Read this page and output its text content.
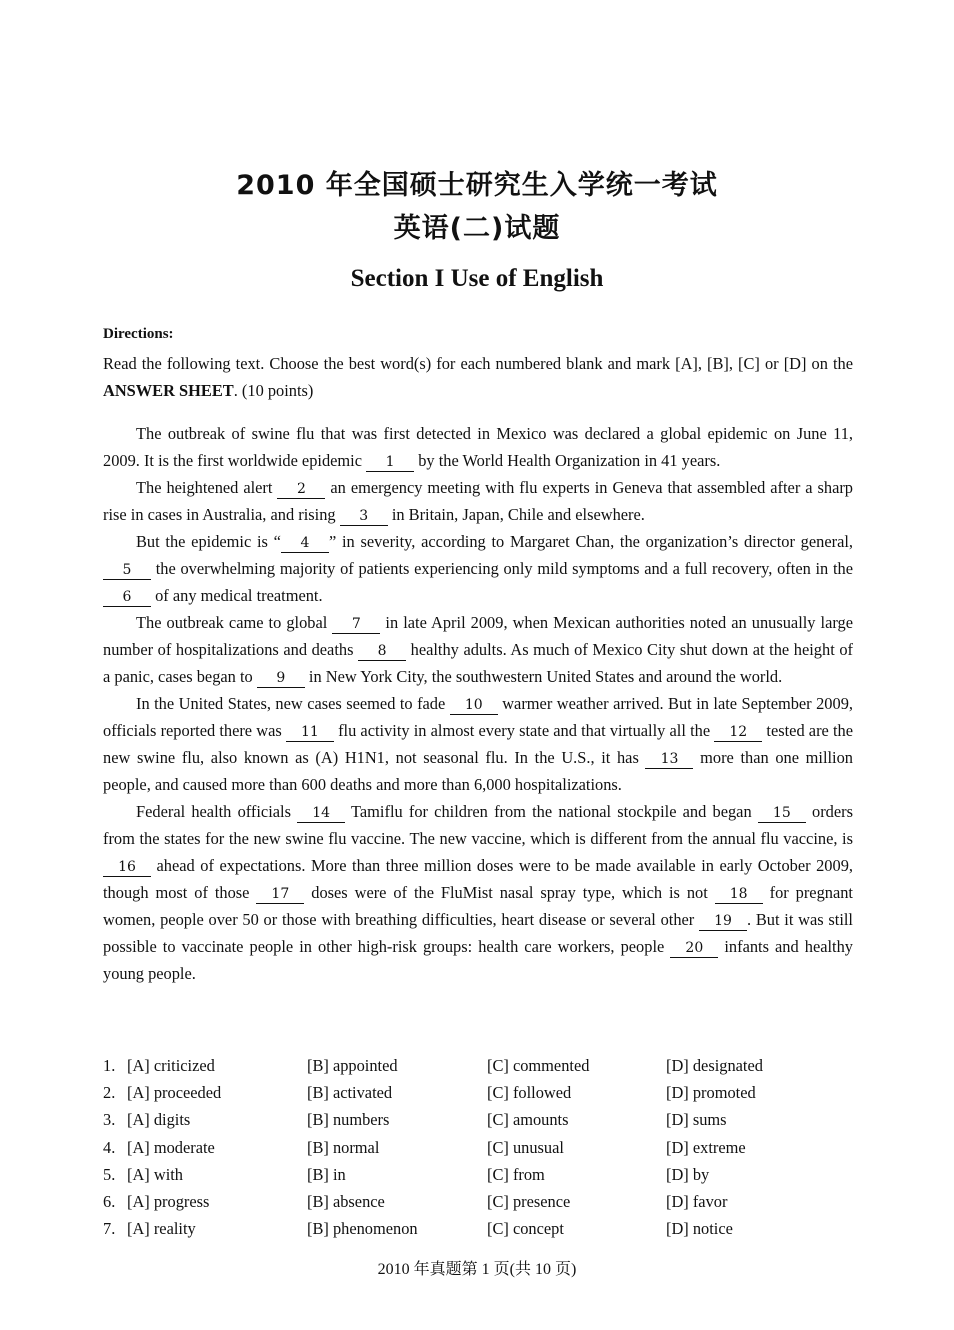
2010 年全国硕士研究生入学统一考试
英语(二)试题
Section I Use of English
Directions:
Read the following text. Choose the best word(s) for each numbered blank and mark [A], [B], [C] or [D] on the ANSWER SHEET. (10 points)

The outbreak of swine flu that was first detected in Mexico was declared a global epidemic on June 11, 2009. It is the first worldwide epidemic 1 by the World Health Organization in 41 years.

The heightened alert 2 an emergency meeting with flu experts in Geneva that assembled after a sharp rise in cases in Australia, and rising 3 in Britain, Japan, Chile and elsewhere.

But the epidemic is “ 4 ” in severity, according to Margaret Chan, the organization’s director general, 5 the overwhelming majority of patients experiencing only mild symptoms and a full recovery, often in the 6 of any medical treatment.

The outbreak came to global 7 in late April 2009, when Mexican authorities noted an unusually large number of hospitalizations and deaths 8 healthy adults. As much of Mexico City shut down at the height of a panic, cases began to 9 in New York City, the southwestern United States and around the world.

In the United States, new cases seemed to fade 10 warmer weather arrived. But in late September 2009, officials reported there was 11 flu activity in almost every state and that virtually all the 12 tested are the new swine flu, also known as (A) H1N1, not seasonal flu. In the U.S., it has 13 more than one million people, and caused more than 600 deaths and more than 6,000 hospitalizations.

Federal health officials 14 Tamiflu for children from the national stockpile and began 15 orders from the states for the new swine flu vaccine. The new vaccine, which is different from the annual flu vaccine, is 16 ahead of expectations. More than three million doses were to be made available in early October 2009, though most of those 17 doses were of the FluMist nasal spray type, which is not 18 for pregnant women, people over 50 or those with breathing difficulties, heart disease or several other 19 . But it was still possible to vaccinate people in other high-risk groups: health care workers, people 20 infants and healthy young people.

1. [A] criticized	[B] appointed	[C] commented	[D] designated
2. [A] proceeded	[B] activated	[C] followed	[D] promoted
3. [A] digits	[B] numbers	[C] amounts	[D] sums
4. [A] moderate	[B] normal	[C] unusual	[D] extreme
5. [A] with	[B] in	[C] from	[D] by
6. [A] progress	[B] absence	[C] presence	[D] favor
7. [A] reality	[B] phenomenon	[C] concept	[D] notice
2010 年真题第 1 页(共 10 页)
